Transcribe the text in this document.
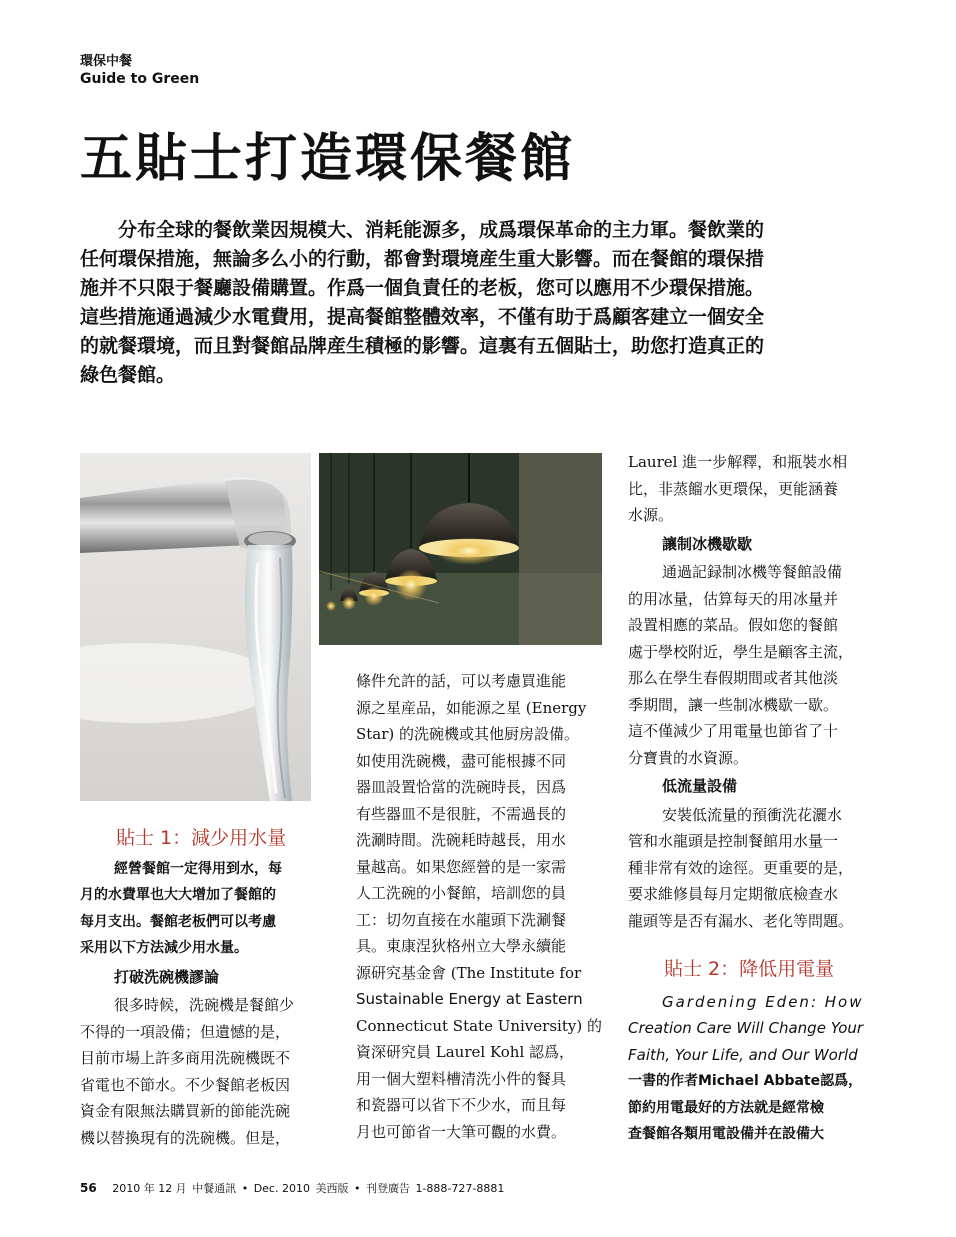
環保中餐
Guide to Green
五貼士打造環保餐館

分布全球的餐飲業因規模大、消耗能源多，成爲環保革命的主力軍。餐飲業的

任何環保措施，無論多么小的行動，都會對環境産生重大影響。而在餐館的環保措

施并不只限于餐廳設備購置。作爲一個負責任的老板，您可以應用不少環保措施。

這些措施通過減少水電費用，提高餐館整體效率，不僅有助于爲顧客建立一個安全

的就餐環境，而且對餐館品牌産生積極的影響。這裏有五個貼士，助您打造真正的

綠色餐館。

貼士 1：減少用水量

經營餐館一定得用到水，每

月的水費單也大大增加了餐館的

每月支出。餐館老板們可以考慮

采用以下方法減少用水量。

打破洗碗機謬論

很多時候，洗碗機是餐館少

不得的一項設備；但遺憾的是，

目前市場上許多商用洗碗機既不

省電也不節水。不少餐館老板因

資金有限無法購買新的節能洗碗

機以替換現有的洗碗機。但是，

條件允許的話，可以考慮買進能

源之星産品，如能源之星 (Energy

Star) 的洗碗機或其他厨房設備。

如使用洗碗機，盡可能根據不同

器皿設置恰當的洗碗時長，因爲

有些器皿不是很脏，不需過長的

洗涮時間。洗碗耗時越長，用水

量越高。如果您經營的是一家需

人工洗碗的小餐館，培訓您的員

工：切勿直接在水龍頭下洗涮餐

具。東康涅狄格州立大學永續能

源研究基金會 (The Institute for

Sustainable Energy at Eastern

Connecticut State University) 的

資深研究員 Laurel Kohl 認爲，

用一個大塑料槽清洗小件的餐具

和瓷器可以省下不少水，而且每

月也可節省一大筆可觀的水費。

Laurel 進一步解釋，和瓶裝水相

比，非蒸餾水更環保，更能涵養

水源。

讓制冰機歇歇

通過記録制冰機等餐館設備

的用冰量，估算每天的用冰量并

設置相應的菜品。假如您的餐館

處于學校附近，學生是顧客主流，

那么在學生春假期間或者其他淡

季期間，讓一些制冰機歇一歇。

這不僅減少了用電量也節省了十

分寶貴的水資源。

低流量設備

安裝低流量的預衝洗花灑水

管和水龍頭是控制餐館用水量一

種非常有效的途徑。更重要的是，

要求維修員每月定期徹底檢查水

龍頭等是否有漏水、老化等問題。

貼士 2：降低用電量

Gardening Eden: How

Creation Care Will Change Your

Faith, Your Life, and Our World

一書的作者Michael Abbate認爲，

節約用電最好的方法就是經常檢

查餐館各類用電設備并在設備大

56 2010 年 12 月 中餐通訊 • Dec. 2010 美西版 • 刊登廣告 1-888-727-8881
